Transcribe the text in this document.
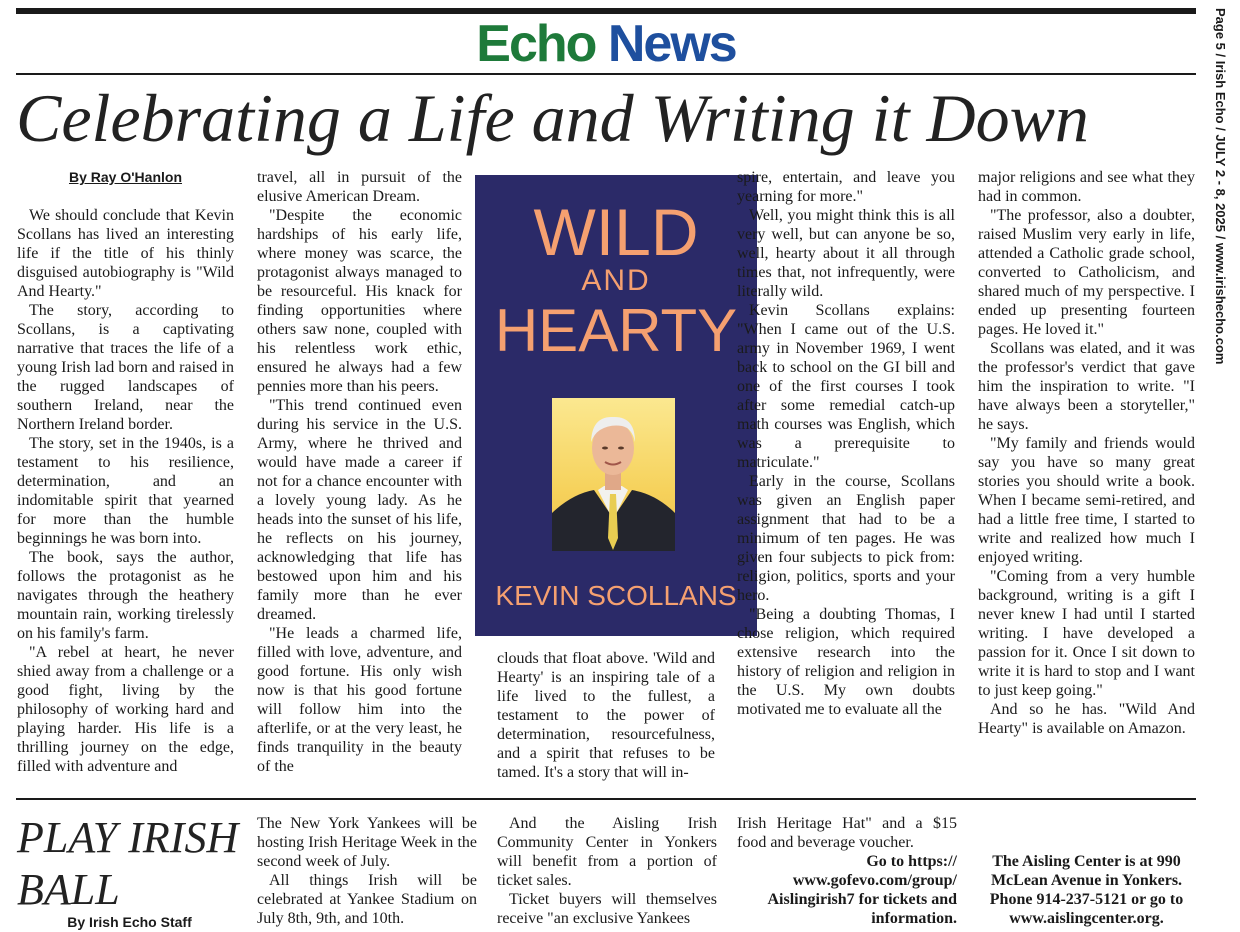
Echo News
Celebrating a Life and Writing it Down	Page 5 / Irish Echo / JULY 2 - 8, 2025 / www.irishecho.com
By Ray O'Hanlon

We should conclude that Kevin Scollans has lived an interesting life if the title of his thinly disguised autobiography is "Wild And Hearty."

The story, according to Scollans, is a captivating narrative that traces the life of a young Irish lad born and raised in the rugged landscapes of southern Ireland, near the Northern Ireland border.

The story, set in the 1940s, is a testament to his resilience, determination, and an indomitable spirit that yearned for more than the humble beginnings he was born into.

The book, says the author, follows the protagonist as he navigates through the heathery mountain rain, working tirelessly on his family's farm.

"A rebel at heart, he never shied away from a challenge or a good fight, living by the philosophy of working hard and playing harder. His life is a thrilling journey on the edge, filled with adventure and

travel, all in pursuit of the elusive American Dream.

"Despite the economic hardships of his early life, where money was scarce, the protagonist always managed to be resourceful. His knack for finding opportunities where others saw none, coupled with his relentless work ethic, ensured he always had a few pennies more than his peers.

"This trend continued even during his service in the U.S. Army, where he thrived and would have made a career if not for a chance encounter with a lovely young lady. As he heads into the sunset of his life, he reflects on his journey, acknowledging that life has bestowed upon him and his family more than he ever dreamed.

"He leads a charmed life, filled with love, adventure, and good fortune. His only wish now is that his good fortune will follow him into the afterlife, or at the very least, he finds tranquility in the beauty of the

WILD
AND
HEARTY
KEVIN SCOLLANS

clouds that float above. 'Wild and Hearty' is an inspiring tale of a life lived to the fullest, a testament to the power of determination, resourcefulness, and a spirit that refuses to be tamed. It's a story that will in-

spire, entertain, and leave you yearning for more."

Well, you might think this is all very well, but can anyone be so, well, hearty about it all through times that, not infrequently, were literally wild.

Kevin Scollans explains: "When I came out of the U.S. army in November 1969, I went back to school on the GI bill and one of the first courses I took after some remedial catch-up math courses was English, which was a prerequisite to matriculate."

Early in the course, Scollans was given an English paper assignment that had to be a minimum of ten pages. He was given four subjects to pick from: religion, politics, sports and your hero.

"Being a doubting Thomas, I chose religion, which required extensive research into the history of religion and religion in the U.S. My own doubts motivated me to evaluate all the

major religions and see what they had in common.

"The professor, also a doubter, raised Muslim very early in life, attended a Catholic grade school, converted to Catholicism, and shared much of my perspective. I ended up presenting fourteen pages. He loved it."

Scollans was elated, and it was the professor's verdict that gave him the inspiration to write. "I have always been a storyteller," he says.

"My family and friends would say you have so many great stories you should write a book. When I became semi-retired, and had a little free time, I started to write and realized how much I enjoyed writing.

"Coming from a very humble background, writing is a gift I never knew I had until I started writing. I have developed a passion for it. Once I sit down to write it is hard to stop and I want to just keep going."

And so he has. "Wild And Hearty" is available on Amazon.

PLAY IRISH BALL
By Irish Echo Staff

The New York Yankees will be hosting Irish Heritage Week in the second week of July.

All things Irish will be celebrated at Yankee Stadium on July 8th, 9th, and 10th.

And the Aisling Irish Community Center in Yonkers will benefit from a portion of ticket sales.

Ticket buyers will themselves receive "an exclusive Yankees

Irish Heritage Hat" and a $15 food and beverage voucher.

Go to https:// www.gofevo.com/group/ Aislingirish7 for tickets and information.

The Aisling Center is at 990 McLean Avenue in Yonkers. Phone 914-237-5121 or go to www.aislingcenter.org.
